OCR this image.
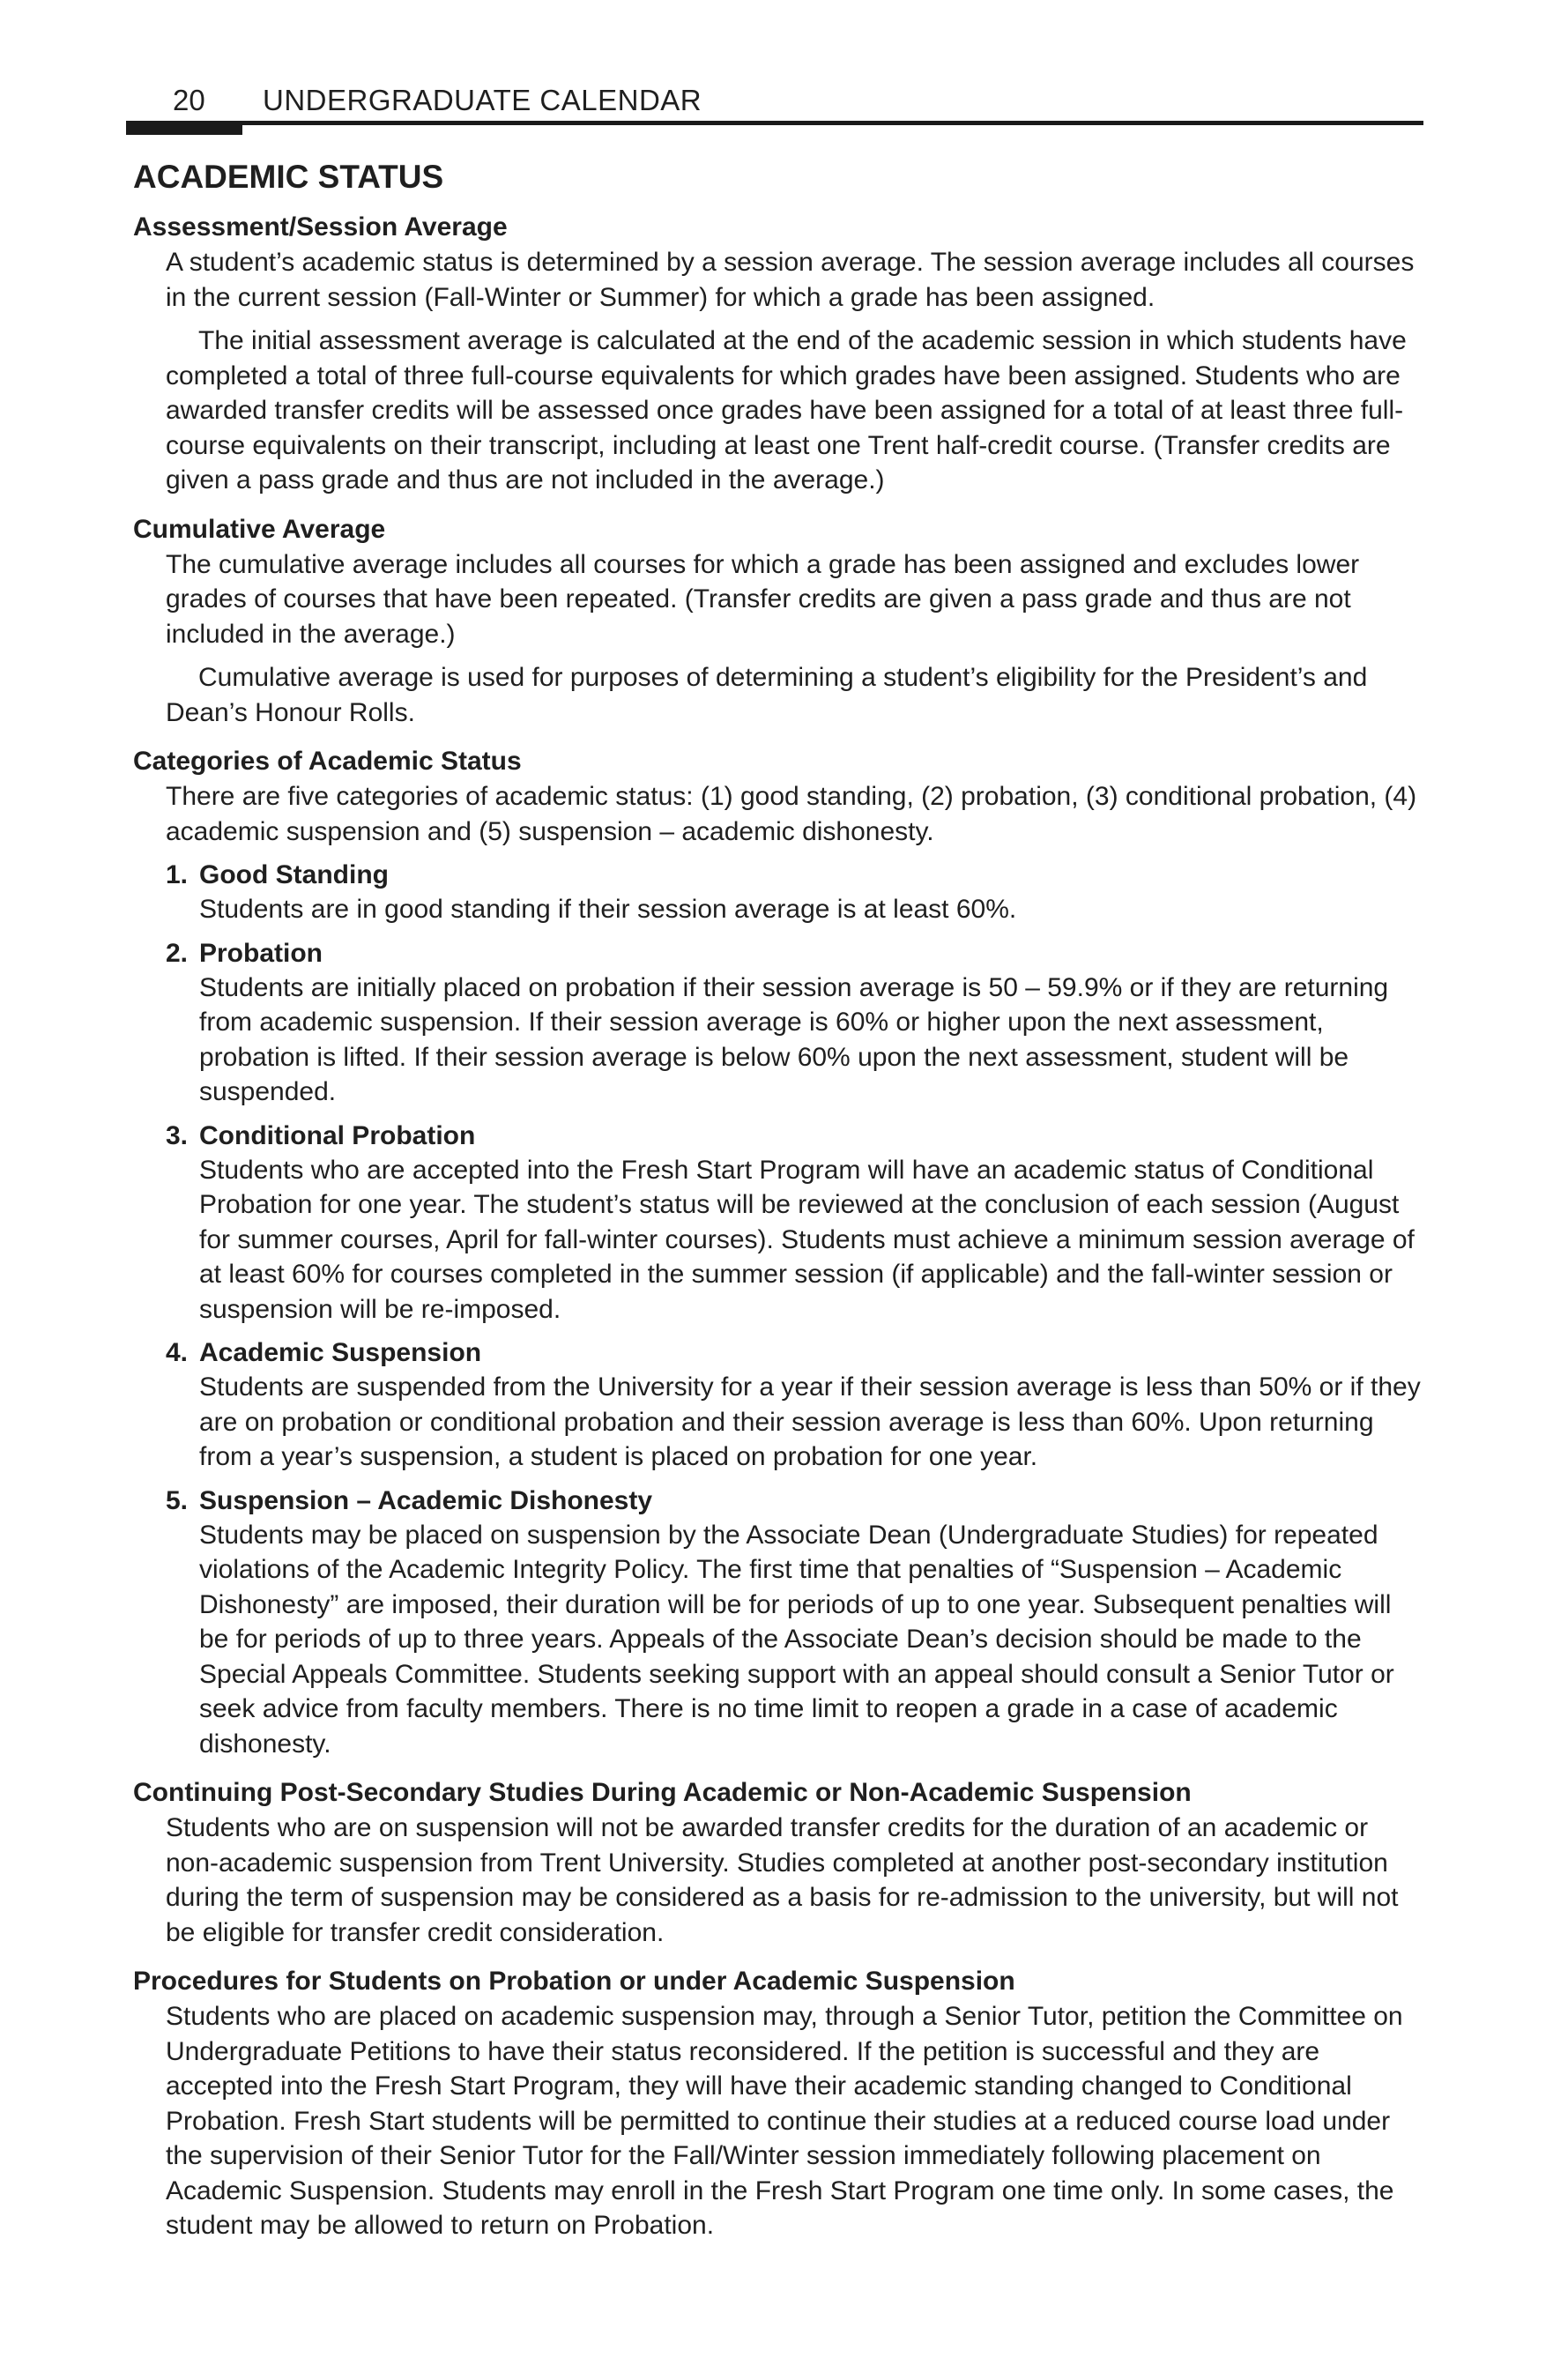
20 UNDERGRADUATE CALENDAR
ACADEMIC STATUS
Assessment/Session Average

A student’s academic status is determined by a session average. The session average includes all courses in the current session (Fall-Winter or Summer) for which a grade has been assigned.

The initial assessment average is calculated at the end of the academic session in which students have completed a total of three full-course equivalents for which grades have been assigned. Students who are awarded transfer credits will be assessed once grades have been assigned for a total of at least three full-course equivalents on their transcript, including at least one Trent half-credit course. (Transfer credits are given a pass grade and thus are not included in the average.)

Cumulative Average

The cumulative average includes all courses for which a grade has been assigned and excludes lower grades of courses that have been repeated. (Transfer credits are given a pass grade and thus are not included in the average.)

Cumulative average is used for purposes of determining a student’s eligibility for the President’s and Dean’s Honour Rolls.

Categories of Academic Status

There are five categories of academic status: (1) good standing, (2) probation, (3) conditional probation, (4) academic suspension and (5) suspension – academic dishonesty.

1. Good Standing

Students are in good standing if their session average is at least 60%.

2. Probation

Students are initially placed on probation if their session average is 50 – 59.9% or if they are returning from academic suspension. If their session average is 60% or higher upon the next assessment, probation is lifted. If their session average is below 60% upon the next assessment, student will be suspended.

3. Conditional Probation

Students who are accepted into the Fresh Start Program will have an academic status of Conditional Probation for one year. The student’s status will be reviewed at the conclusion of each session (August for summer courses, April for fall-winter courses). Students must achieve a minimum session average of at least 60% for courses completed in the summer session (if applicable) and the fall-winter session or suspension will be re-imposed.

4. Academic Suspension

Students are suspended from the University for a year if their session average is less than 50% or if they are on probation or conditional probation and their session average is less than 60%. Upon returning from a year’s suspension, a student is placed on probation for one year.

5. Suspension – Academic Dishonesty

Students may be placed on suspension by the Associate Dean (Undergraduate Studies) for repeated violations of the Academic Integrity Policy. The first time that penalties of “Suspension – Academic Dishonesty” are imposed, their duration will be for periods of up to one year. Subsequent penalties will be for periods of up to three years. Appeals of the Associate Dean’s decision should be made to the Special Appeals Committee. Students seeking support with an appeal should consult a Senior Tutor or seek advice from faculty members. There is no time limit to reopen a grade in a case of academic dishonesty.

Continuing Post-Secondary Studies During Academic or Non-Academic Suspension

Students who are on suspension will not be awarded transfer credits for the duration of an academic or non-academic suspension from Trent University. Studies completed at another post-secondary institution during the term of suspension may be considered as a basis for re-admission to the university, but will not be eligible for transfer credit consideration.

Procedures for Students on Probation or under Academic Suspension

Students who are placed on academic suspension may, through a Senior Tutor, petition the Committee on Undergraduate Petitions to have their status reconsidered. If the petition is successful and they are accepted into the Fresh Start Program, they will have their academic standing changed to Conditional Probation. Fresh Start students will be permitted to continue their studies at a reduced course load under the supervision of their Senior Tutor for the Fall/Winter session immediately following placement on Academic Suspension. Students may enroll in the Fresh Start Program one time only. In some cases, the student may be allowed to return on Probation.
